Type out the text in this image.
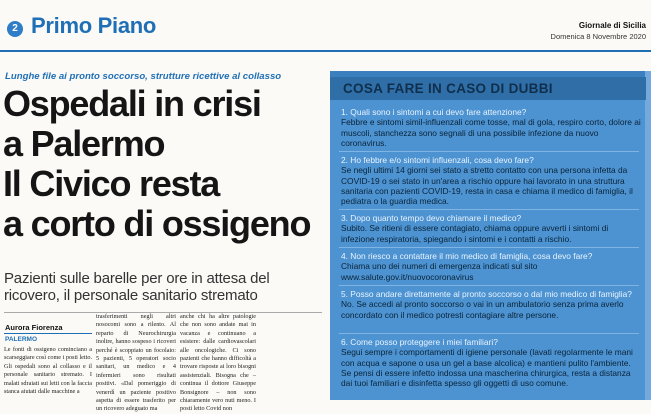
2 Primo Piano	Giornale di Sicilia
Domenica 8 Novembre 2020
Lunghe file ai pronto soccorso, strutture ricettive al collasso
Ospedali in crisi
a Palermo
Il Civico resta
a corto di ossigeno
Pazienti sulle barelle per ore in attesa del ricovero, il personale sanitario stremato
Aurora Fiorenza
PALERMO
Le fonti di ossigeno cominciano a scarseggiare così come i posti letto. Gli ospedali sono al collasso e il personale sanitario stremato. I malati sdraiati sui letti con la faccia stanca aiutati dalle macchine a
trasferimenti negli altri nosocomi sono a rilento. Al reparto di Neurochirurgia inoltre, hanno sospeso i ricoveri perché è scoppiato un focolaio: 5 pazienti, 5 operatori socio sanitari, un medico e 4 infermieri sono risultati positivi. «Dal pomeriggio di venerdì un paziente positivo aspetta di essere trasferito per un ricovero adeguato ma
anche chi ha altre patologie che non sono andate mai in vacanza e continuano a esistere: dalle cardiovascolari alle oncologiche. Ci sono pazienti che hanno difficoltà a trovare risposte ai loro bisogni assistenziali. Bisogna che – continua il dottore Giuseppe Bonsignore – non sono chiaramente vero nuti meno. I posti letto Covid non
COSA FARE IN CASO DI DUBBI
1. Quali sono i sintomi a cui devo fare attenzione?
Febbre e sintomi simil-influenzali come tosse, mal di gola, respiro corto, dolore ai muscoli, stanchezza sono segnali di una possibile infezione da nuovo coronavirus.
2. Ho febbre e/o sintomi influenzali, cosa devo fare?
Se negli ultimi 14 giorni sei stato a stretto contatto con una persona infetta da COVID-19 o sei stato in un'area a rischio oppure hai lavorato in una struttura sanitaria con pazienti COVID-19, resta in casa e chiama il medico di famiglia, il pediatra o la guardia medica.
3. Dopo quanto tempo devo chiamare il medico?
Subito. Se ritieni di essere contagiato, chiama oppure avverti i sintomi di infezione respiratoria, spiegando i sintomi e i contatti a rischio.
4. Non riesco a contattare il mio medico di famiglia, cosa devo fare?
Chiama uno dei numeri di emergenza indicati sul sito www.salute.gov.it/nuovocoronavirus
5. Posso andare direttamente al pronto soccorso o dal mio medico di famiglia?
No. Se accedi al pronto soccorso o vai in un ambulatorio senza prima averlo concordato con il medico potresti contagiare altre persone.
6. Come posso proteggere i miei familiari?
Segui sempre i comportamenti di igiene personale (lavati regolarmente le mani con acqua e sapone o usa un gel a base alcolica) e mantieni pulito l'ambiente. Se pensi di essere infetto indossa una mascherina chirurgica, resta a distanza dai tuoi familiari e disinfetta spesso gli oggetti di uso comune.
